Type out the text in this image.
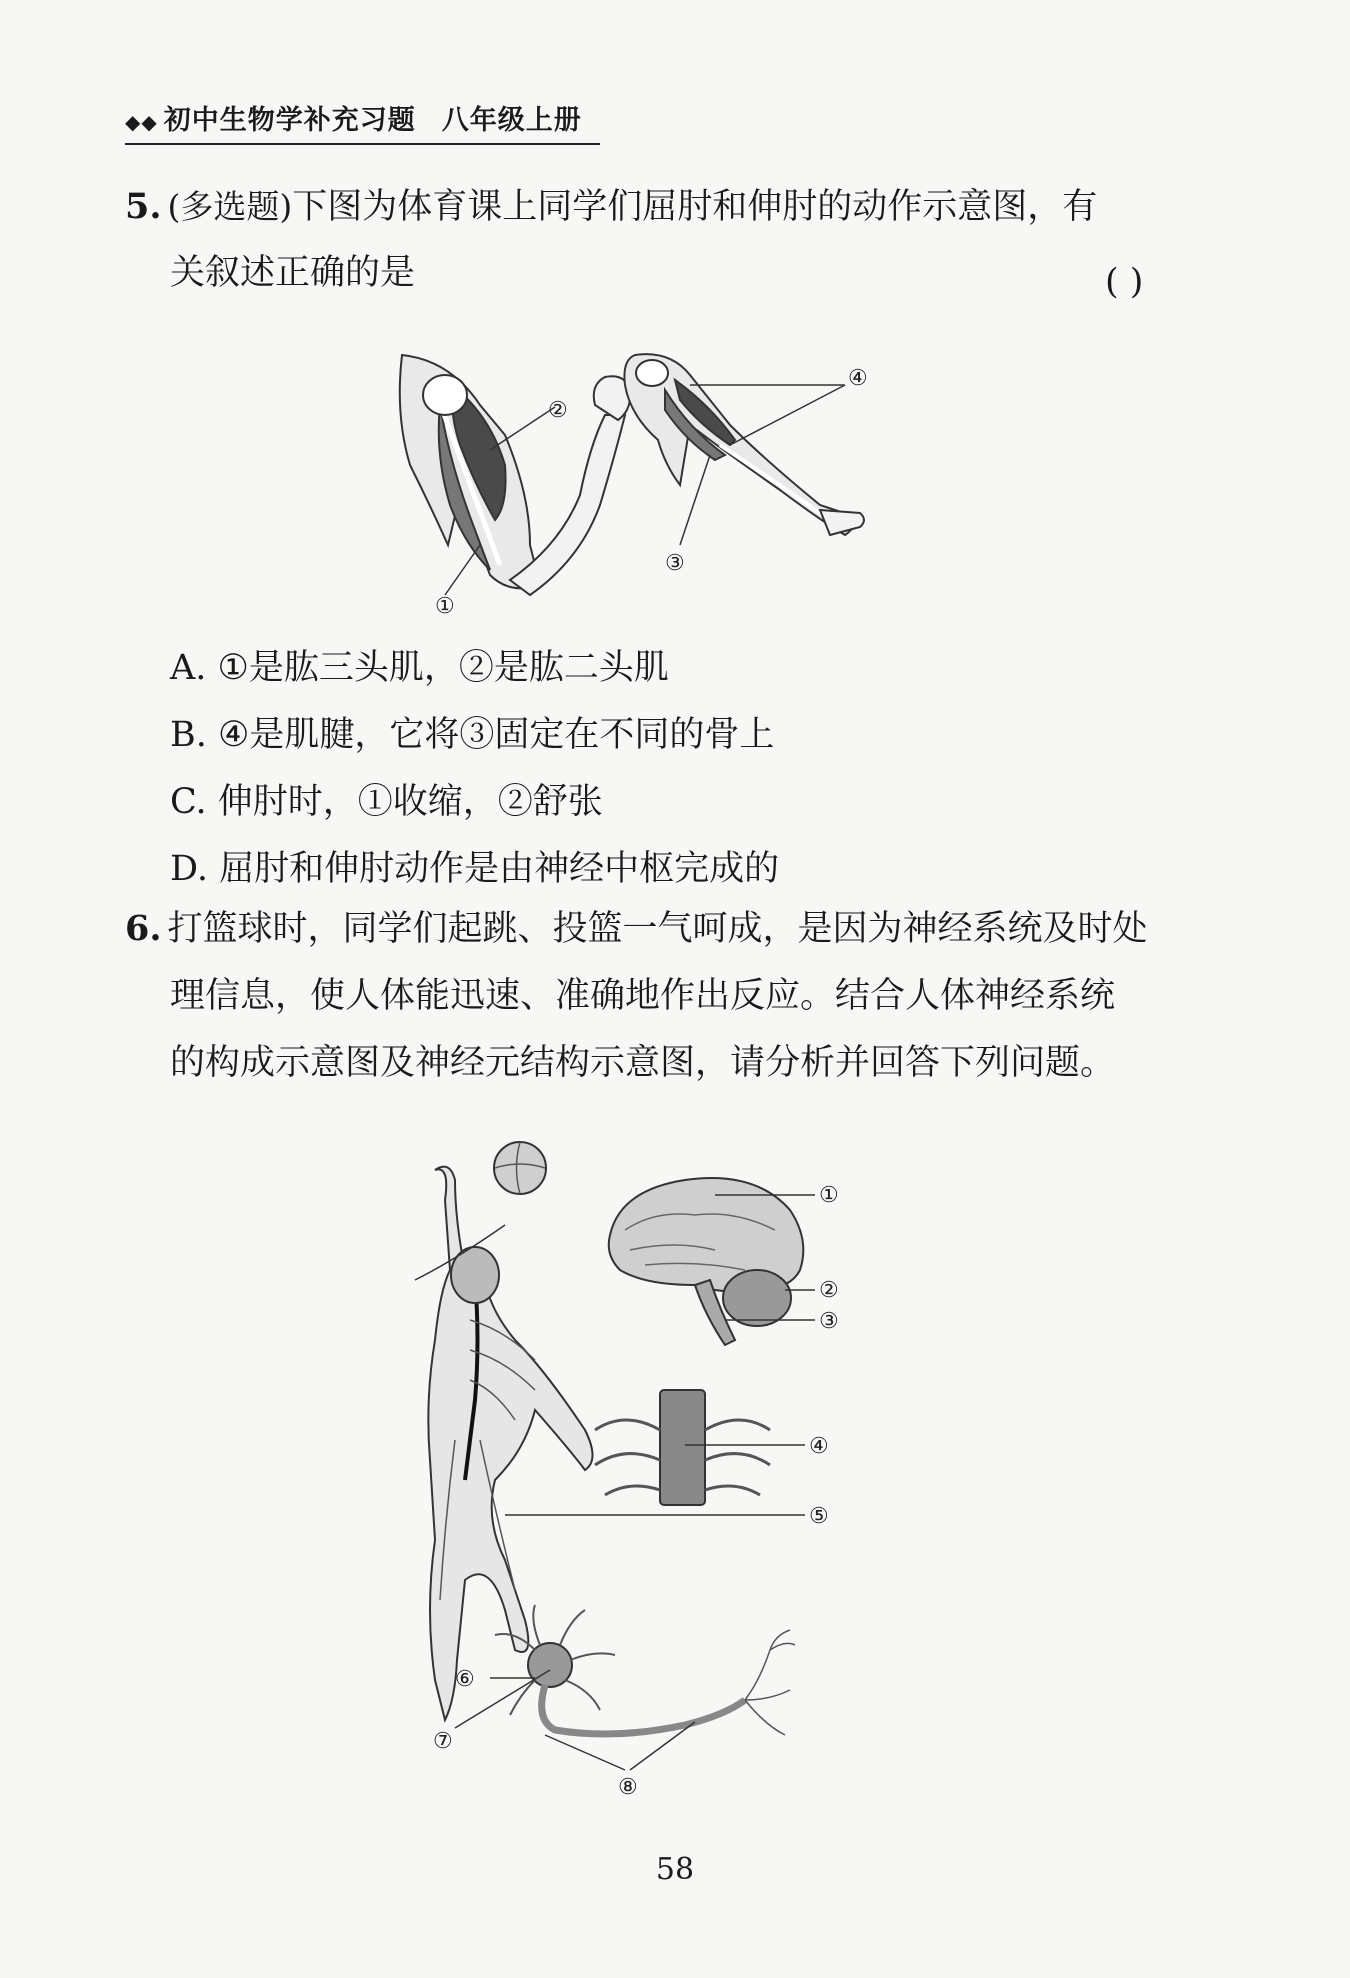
◆◆ 初中生物学补充习题 八年级上册
5. (多选题)下图为体育课上同学们屈肘和伸肘的动作示意图，有
关叙述正确的是	( )
②
①
③
④
A. ①是肱三头肌，②是肱二头肌
B. ④是肌腱，它将③固定在不同的骨上
C. 伸肘时，①收缩，②舒张
D. 屈肘和伸肘动作是由神经中枢完成的
6. 打篮球时，同学们起跳、投篮一气呵成，是因为神经系统及时处
理信息，使人体能迅速、准确地作出反应。结合人体神经系统
的构成示意图及神经元结构示意图，请分析并回答下列问题。
①
②
③
④
⑤
⑥
⑦
⑧
58
